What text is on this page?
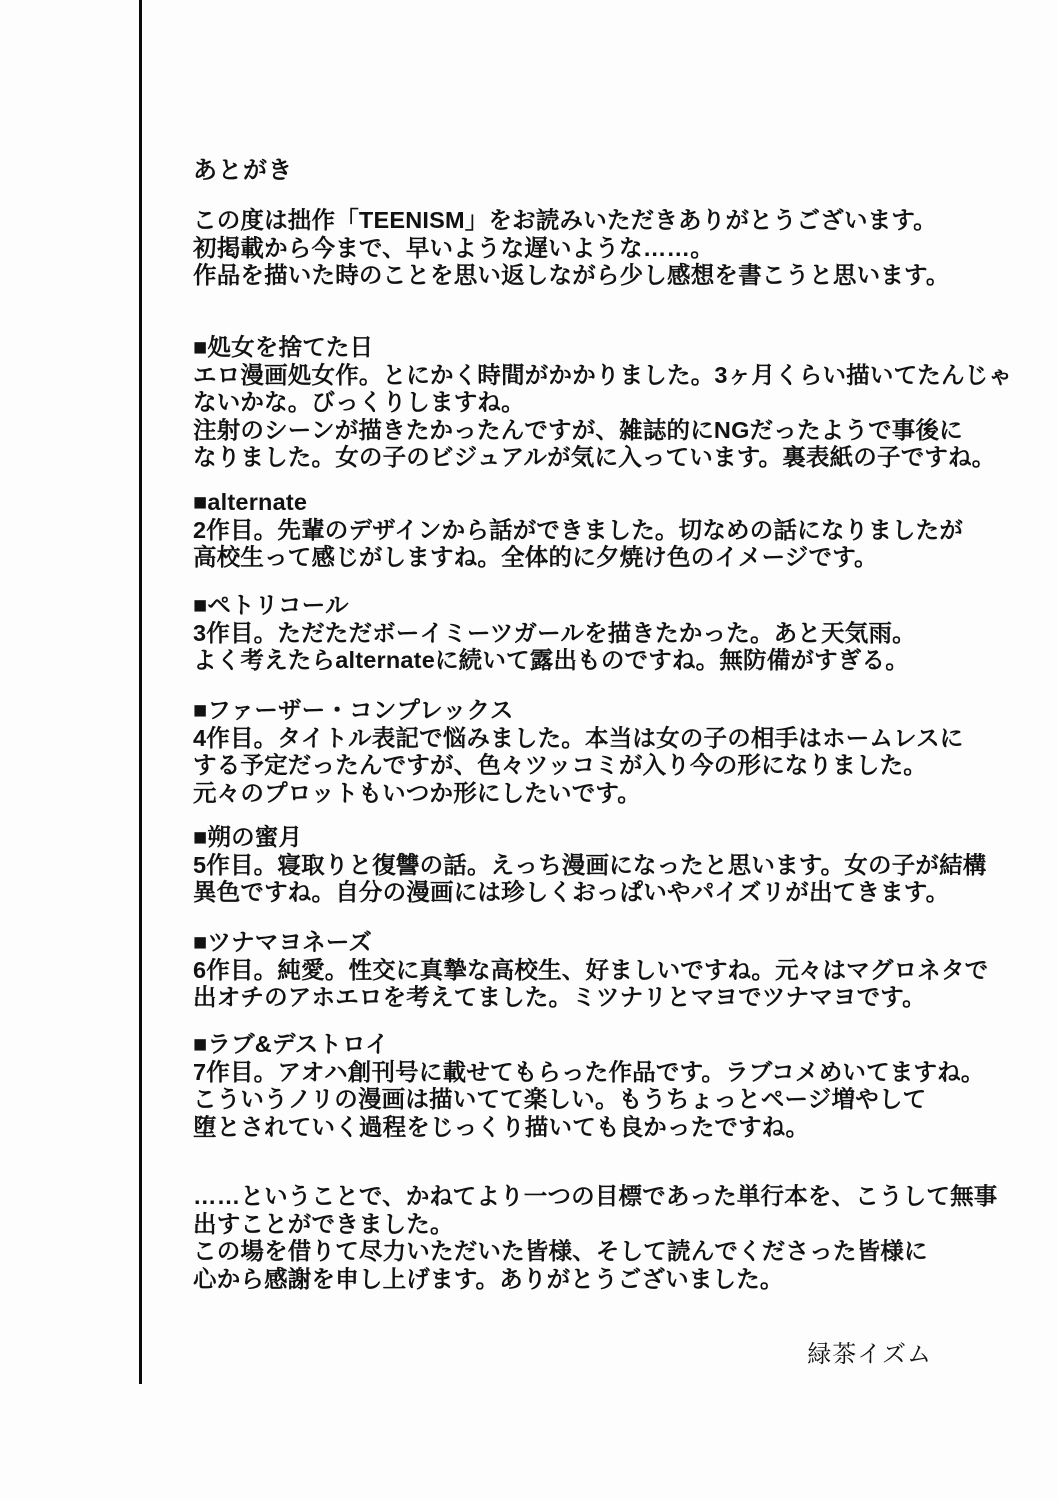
あとがき
この度は拙作「TEENISM」をお読みいただきありがとうございます。
初掲載から今まで、早いような遅いような……。
作品を描いた時のことを思い返しながら少し感想を書こうと思います。
■処女を捨てた日
エロ漫画処女作。とにかく時間がかかりました。3ヶ月くらい描いてたんじゃ
ないかな。びっくりしますね。
注射のシーンが描きたかったんですが、雑誌的にNGだったようで事後に
なりました。女の子のビジュアルが気に入っています。裏表紙の子ですね。
■alternate
2作目。先輩のデザインから話ができました。切なめの話になりましたが
高校生って感じがしますね。全体的に夕焼け色のイメージです。
■ペトリコール
3作目。ただただボーイミーツガールを描きたかった。あと天気雨。
よく考えたらalternateに続いて露出ものですね。無防備がすぎる。
■ファーザー・コンプレックス
4作目。タイトル表記で悩みました。本当は女の子の相手はホームレスに
する予定だったんですが、色々ツッコミが入り今の形になりました。
元々のプロットもいつか形にしたいです。
■朔の蜜月
5作目。寝取りと復讐の話。えっち漫画になったと思います。女の子が結構
異色ですね。自分の漫画には珍しくおっぱいやパイズリが出てきます。
■ツナマヨネーズ
6作目。純愛。性交に真摯な高校生、好ましいですね。元々はマグロネタで
出オチのアホエロを考えてました。ミツナリとマヨでツナマヨです。
■ラブ&デストロイ
7作目。アオハ創刊号に載せてもらった作品です。ラブコメめいてますね。
こういうノリの漫画は描いてて楽しい。もうちょっとページ増やして
堕とされていく過程をじっくり描いても良かったですね。
……ということで、かねてより一つの目標であった単行本を、こうして無事
出すことができました。
この場を借りて尽力いただいた皆様、そして読んでくださった皆様に
心から感謝を申し上げます。ありがとうございました。
緑茶イズム
